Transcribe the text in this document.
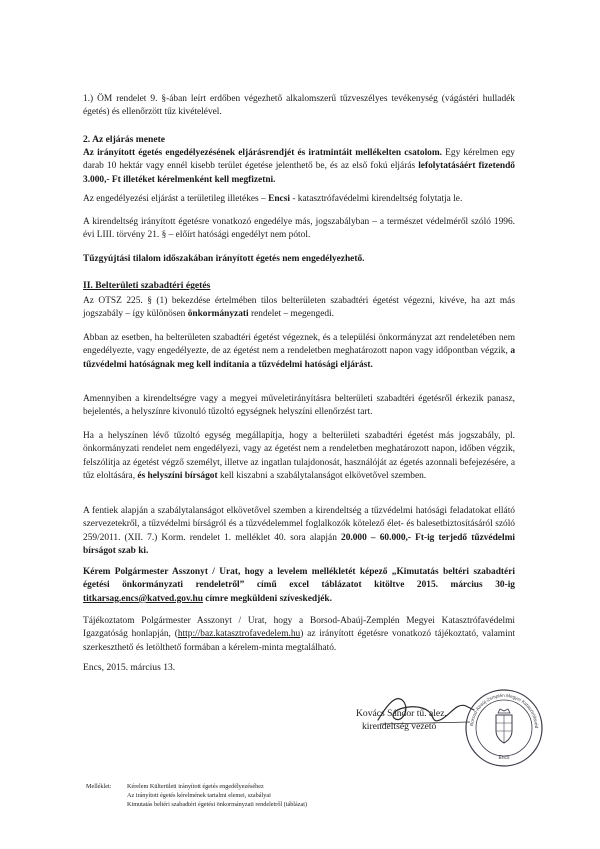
1.) ÖM rendelet 9. §-ában leírt erdőben végezhető alkalomszerű tűzveszélyes tevékenység (vágástéri hulladék égetés) és ellenőrzött tűz kivételével.

2. Az eljárás menete

Az irányított égetés engedélyezésének eljárásrendjét és iratmintáit mellékelten csatolom. Egy kérelmen egy darab 10 hektár vagy ennél kisebb terület égetése jelenthető be, és az első fokú eljárás lefolytatásáért fizetendő 3.000,- Ft illetéket kérelmenként kell megfizetni.

Az engedélyezési eljárást a területileg illetékes – Encsi - katasztrófavédelmi kirendeltség folytatja le.

A kirendeltség irányított égetésre vonatkozó engedélye más, jogszabályban – a természet védelméről szóló 1996. évi LIII. törvény 21. § – előírt hatósági engedélyt nem pótol.

Tűzgyújtási tilalom időszakában irányított égetés nem engedélyezhető.

II. Belterületi szabadtéri égetés

Az OTSZ 225. § (1) bekezdése értelmében tilos belterületen szabadtéri égetést végezni, kivéve, ha azt más jogszabály – így különösen önkormányzati rendelet – megengedi.

Abban az esetben, ha belterületen szabadtéri égetést végeznek, és a települési önkormányzat azt rendeletében nem engedélyezte, vagy engedélyezte, de az égetést nem a rendeletben meghatározott napon vagy időpontban végzik, a tűzvédelmi hatóságnak meg kell indítania a tűzvédelmi hatósági eljárást.

Amennyiben a kirendeltségre vagy a megyei műveletirányításra belterületi szabadtéri égetésről érkezik panasz, bejelentés, a helyszínre kivonuló tűzoltó egységnek helyszíni ellenőrzést tart.

Ha a helyszínen lévő tűzoltó egység megállapítja, hogy a belterületi szabadtéri égetést más jogszabály, pl. önkormányzati rendelet nem engedélyezi, vagy az égetést nem a rendeletben meghatározott napon, időben végzik, felszólítja az égetést végző személyt, illetve az ingatlan tulajdonosát, használóját az égetés azonnali befejezésére, a tűz eloltására, és helyszíni bírságot kell kiszabni a szabálytalanságot elkövetővel szemben.

A fentiek alapján a szabálytalanságot elkövetővel szemben a kirendeltség a tűzvédelmi hatósági feladatokat ellátó szervezetekről, a tűzvédelmi bírságról és a tűzvédelemmel foglalkozók kötelező élet- és balesetbiztosításáról szóló 259/2011. (XII. 7.) Korm. rendelet 1. melléklet 40. sora alapján 20.000 – 60.000,- Ft-ig terjedő tűzvédelmi bírságot szab ki.

Kérem Polgármester Asszonyt / Urat, hogy a levelem mellékletét képező „Kimutatás beltéri szabadtéri égetési önkormányzati rendeletről” című excel táblázatot kitöltve 2015. március 30-ig titkarsag.encs@katved.gov.hu címre megküldeni szíveskedjék.

Tájékoztatom Polgármester Asszonyt / Urat, hogy a Borsod-Abaúj-Zemplén Megyei Katasztrófavédelmi Igazgatóság honlapján, (http://baz.katasztrofavedelem.hu) az irányított égetésre vonatkozó tájékoztató, valamint szerkeszthető és letölthető formában a kérelem-minta megtalálható.

Encs, 2015. március 13.
Borsod-Abaúj-Zemplén Megyei Katasztrófavéd
Encs
Kovács Sándor tű. alez.
kirendeltség vezető
Melléklet:	Kérelem Külterületi irányított égetés engedélyezéséhez
Az irányított égetés kérelmének tartalmi elemei, szabályai
Kimutatás beltéri szabadtéri égetési önkormányzati rendeletről (táblázat)
